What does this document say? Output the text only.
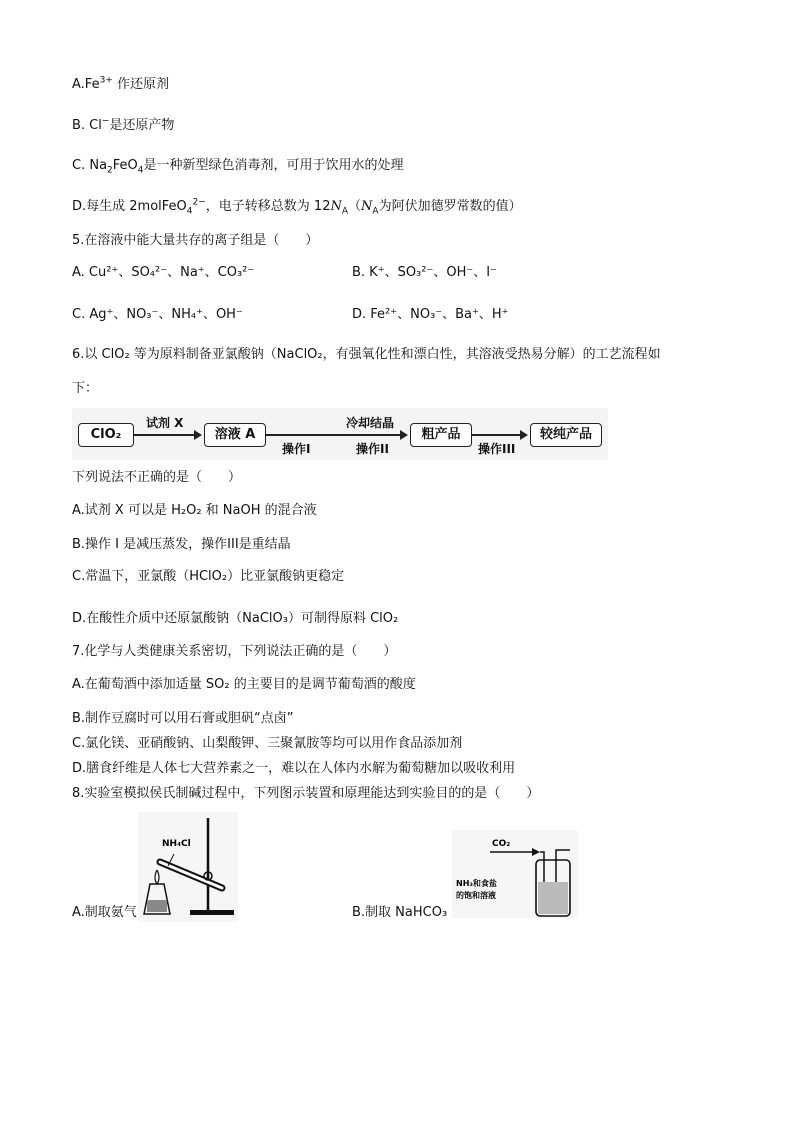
$A.Fe^{3+}$ 作还原剂
B. Cl−是还原产物
C. $Na_2FeO_4$是一种新型绿色消毒剂，可用于饮用水的处理
D.每生成 2molFeO$_4^{2-}$，电子转移总数为 $12N_A(N_A$为阿伏加德罗常数的值）
5.在溶液中能大量共存的离子组是（　　）
A. Cu²⁺、SO₄²⁻、Na⁺、CO₃²⁻	B. K⁺、SO₃²⁻、OH⁻、I⁻
C. Ag⁺、NO₃⁻、NH₄⁺、OH⁻	D. Fe²⁺、NO₃⁻、Ba⁺、H⁺
6.以 ClO₂ 等为原料制备亚氯酸钠（NaClO₂，有强氧化性和漂白性，其溶液受热易分解）的工艺流程如
下：
ClO₂
试剂 X
溶液 A
冷却结晶
操作I	操作II
粗产品
操作III
较纯产品
下列说法不正确的是（　　）
A.试剂 X 可以是 H₂O₂ 和 NaOH 的混合液
B.操作 I 是减压蒸发，操作III是重结晶
C.常温下，亚氯酸（HClO₂）比亚氯酸钠更稳定
D.在酸性介质中还原氯酸钠（NaClO₃）可制得原料 ClO₂
7.化学与人类健康关系密切，下列说法正确的是（　　）
A.在葡萄酒中添加适量 SO₂ 的主要目的是调节葡萄酒的酸度
B.制作豆腐时可以用石膏或胆矾“点卤”
C.氯化镁、亚硝酸钠、山梨酸钾、三聚氰胺等均可以用作食品添加剂
D.膳食纤维是人体七大营养素之一，难以在人体内水解为葡萄糖加以吸收利用
8.实验室模拟侯氏制碱过程中，下列图示装置和原理能达到实验目的的是（　　）
NH₄Cl
A.制取氨气
CO₂
NH₃和食盐
的饱和溶液
B.制取 NaHCO₃
